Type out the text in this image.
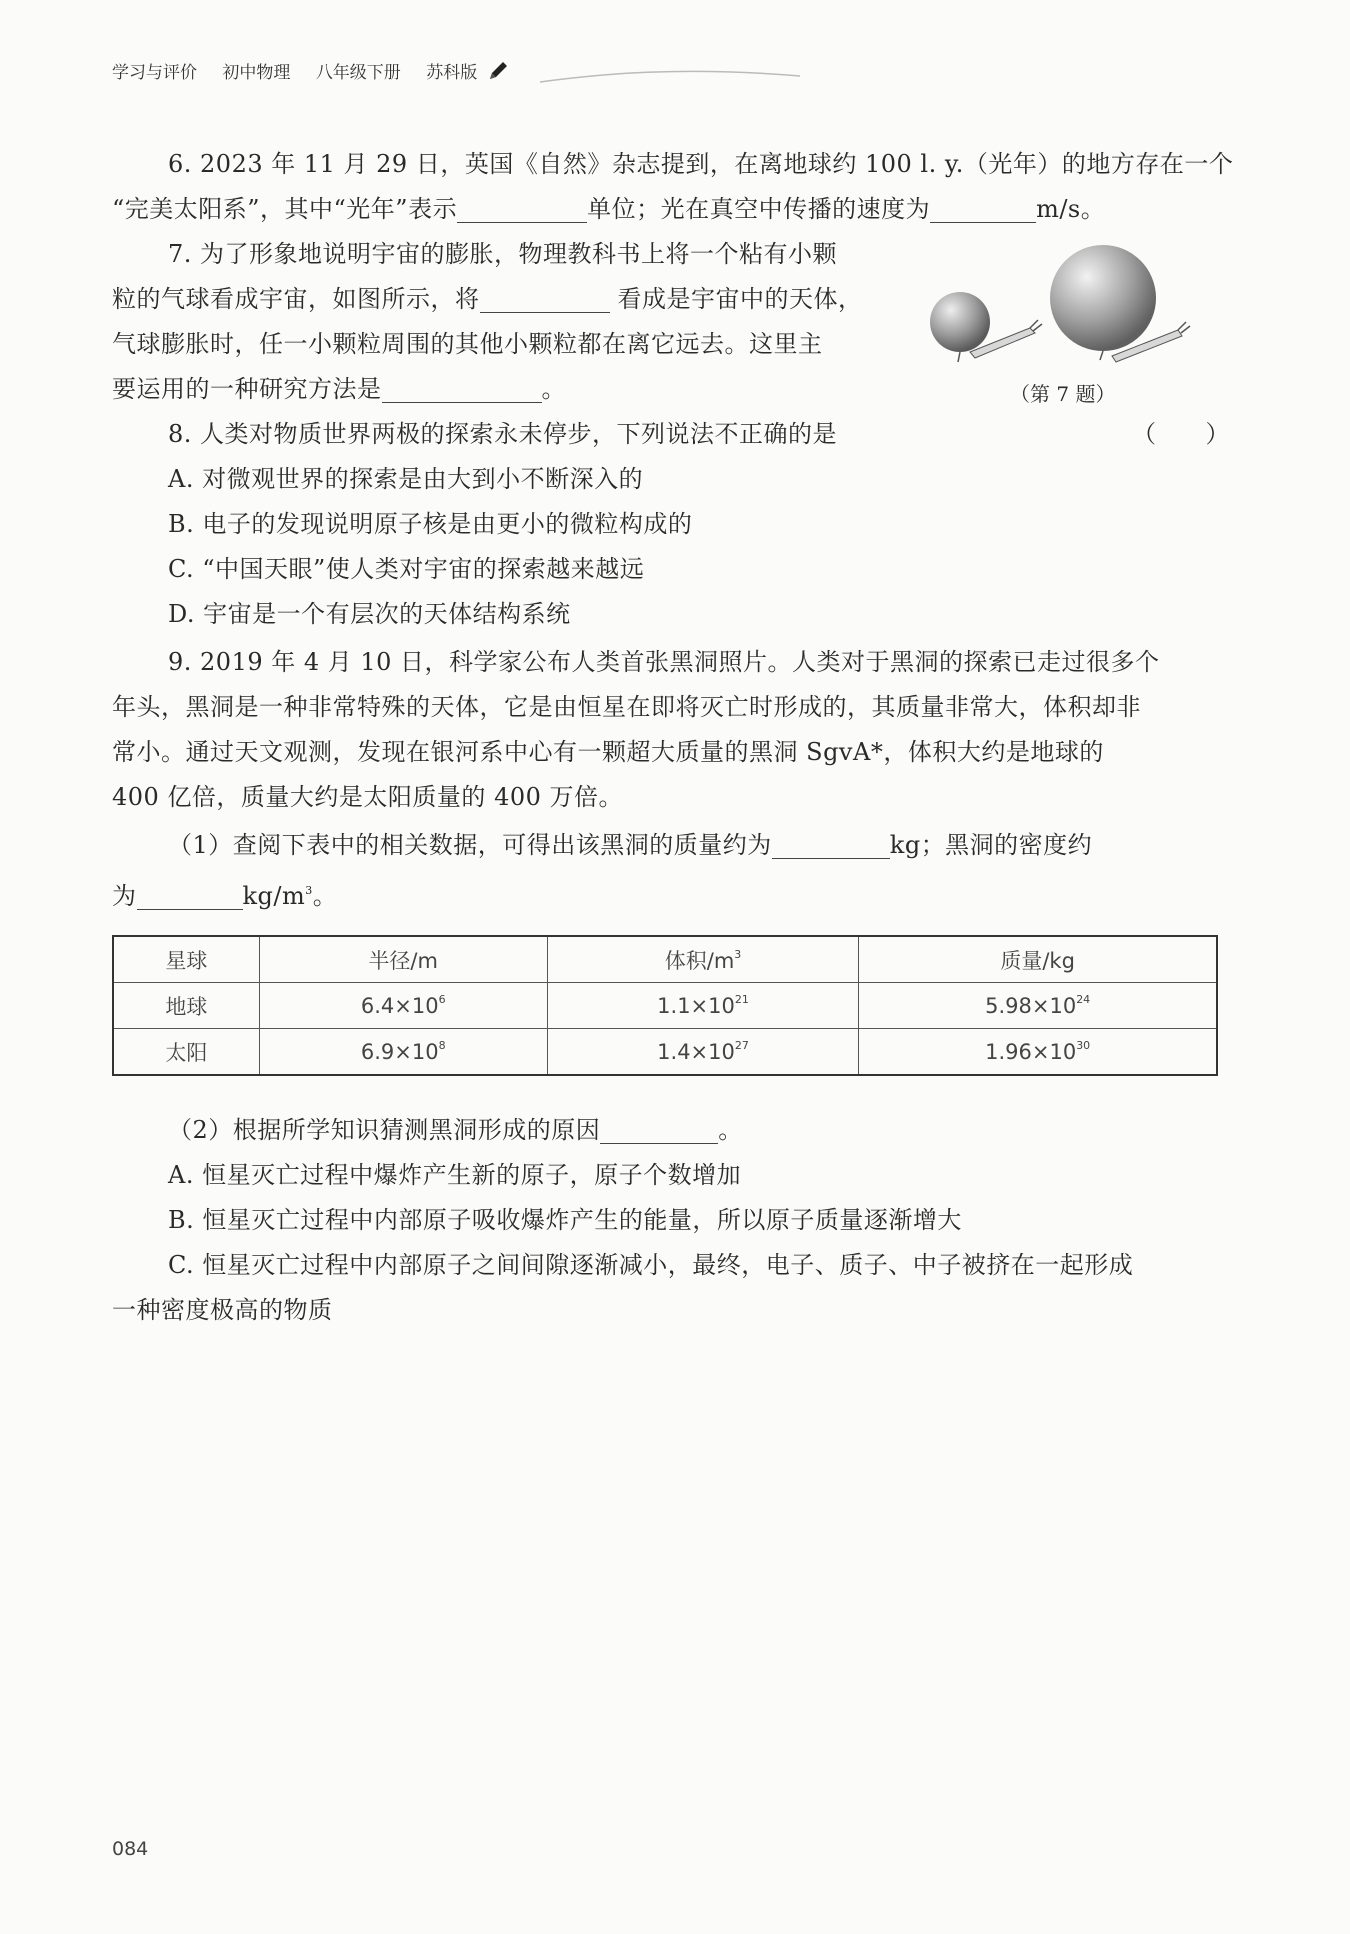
学习与评价 初中物理 八年级下册 苏科版
6. 2023 年 11 月 29 日，英国《自然》杂志提到，在离地球约 100 l. y.（光年）的地方存在一个
“完美太阳系”，其中“光年”表示	单位；光在真空中传播的速度为	m/s。
7. 为了形象地说明宇宙的膨胀，物理教科书上将一个粘有小颗
粒的气球看成宇宙，如图所示，将	看成是宇宙中的天体，
气球膨胀时，任一小颗粒周围的其他小颗粒都在离它远去。这里主
要运用的一种研究方法是	。	（第 7 题）
8. 人类对物质世界两极的探索永未停步，下列说法不正确的是	（　　）
A. 对微观世界的探索是由大到小不断深入的
B. 电子的发现说明原子核是由更小的微粒构成的
C. “中国天眼”使人类对宇宙的探索越来越远
D. 宇宙是一个有层次的天体结构系统
9. 2019 年 4 月 10 日，科学家公布人类首张黑洞照片。人类对于黑洞的探索已走过很多个
年头，黑洞是一种非常特殊的天体，它是由恒星在即将灭亡时形成的，其质量非常大，体积却非
常小。通过天文观测，发现在银河系中心有一颗超大质量的黑洞 SgvA*，体积大约是地球的
400 亿倍，质量大约是太阳质量的 400 万倍。
（1）查阅下表中的相关数据，可得出该黑洞的质量约为	kg；黑洞的密度约
为	$kg/m^3$。
星球	半径/m	体积$/m^3$	质量/kg
地球	$6.4\times 10^6$	$1.1\times 10^{21}$	$5.98\times 10^{24}$
太阳	$6.9\times 10^8$	$1.4\times 10^{27}$	$1.96\times 10^{30}$
（2）根据所学知识猜测黑洞形成的原因	。
A. 恒星灭亡过程中爆炸产生新的原子，原子个数增加
B. 恒星灭亡过程中内部原子吸收爆炸产生的能量，所以原子质量逐渐增大
C. 恒星灭亡过程中内部原子之间间隙逐渐减小，最终，电子、质子、中子被挤在一起形成
一种密度极高的物质
084
